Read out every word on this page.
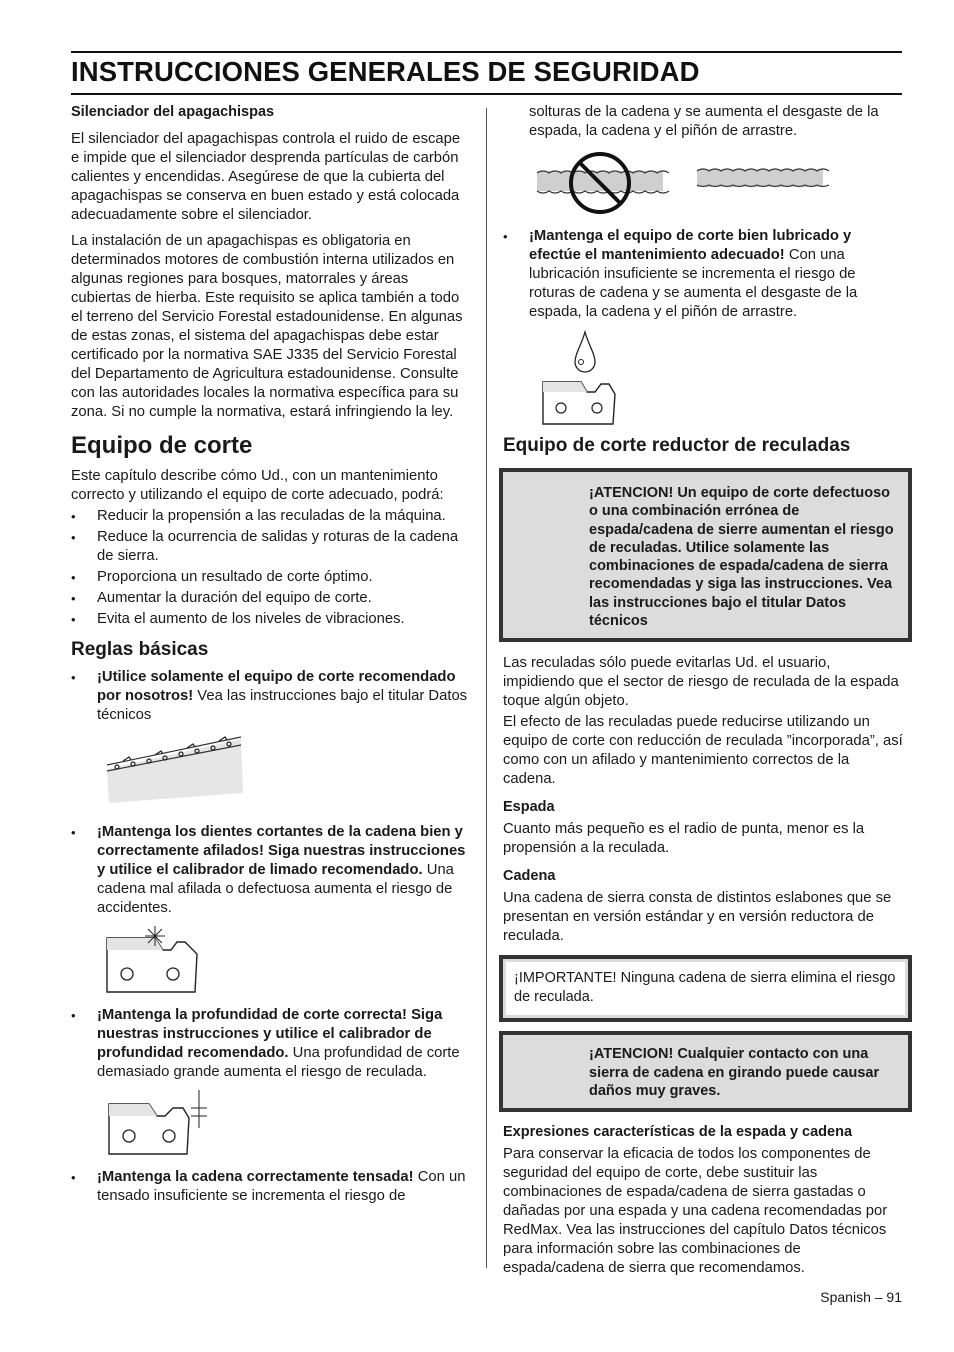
INSTRUCCIONES GENERALES DE SEGURIDAD

Silenciador del apagachispas

El silenciador del apagachispas controla el ruido de escape e impide que el silenciador desprenda partículas de carbón calientes y encendidas. Asegúrese de que la cubierta del apagachispas se conserva en buen estado y está colocada adecuadamente sobre el silenciador.

La instalación de un apagachispas es obligatoria en determinados motores de combustión interna utilizados en algunas regiones para bosques, matorrales y áreas cubiertas de hierba. Este requisito se aplica también a todo el terreno del Servicio Forestal estadounidense. En algunas de estas zonas, el sistema del apagachispas debe estar certificado por la normativa SAE J335 del Servicio Forestal del Departamento de Agricultura estadounidense. Consulte con las autoridades locales la normativa específica para su zona. Si no cumple la normativa, estará infringiendo la ley.

Equipo de corte

Este capítulo describe cómo Ud., con un mantenimiento correcto y utilizando el equipo de corte adecuado, podrá:

• Reducir la propensión a las reculadas de la máquina.
• Reduce la ocurrencia de salidas y roturas de la cadena de sierra.
• Proporciona un resultado de corte óptimo.
• Aumentar la duración del equipo de corte.
• Evita el aumento de los niveles de vibraciones.

Reglas básicas

• ¡Utilice solamente el equipo de corte recomendado por nosotros! Vea las instrucciones bajo el titular Datos técnicos
• ¡Mantenga los dientes cortantes de la cadena bien y correctamente afilados! Siga nuestras instrucciones y utilice el calibrador de limado recomendado. Una cadena mal afilada o defectuosa aumenta el riesgo de accidentes.
• ¡Mantenga la profundidad de corte correcta! Siga nuestras instrucciones y utilice el calibrador de profundidad recomendado. Una profundidad de corte demasiado grande aumenta el riesgo de reculada.
• ¡Mantenga la cadena correctamente tensada! Con un tensado insuficiente se incrementa el riesgo de

solturas de la cadena y se aumenta el desgaste de la espada, la cadena y el piñón de arrastre.

• ¡Mantenga el equipo de corte bien lubricado y efectúe el mantenimiento adecuado! Con una lubricación insuficiente se incrementa el riesgo de roturas de cadena y se aumenta el desgaste de la espada, la cadena y el piñón de arrastre.

Equipo de corte reductor de reculadas

¡ATENCION! Un equipo de corte defectuoso o una combinación errónea de espada/cadena de sierre aumentan el riesgo de reculadas. Utilice solamente las combinaciones de espada/cadena de sierra recomendadas y siga las instrucciones. Vea las instrucciones bajo el titular Datos técnicos

Las reculadas sólo puede evitarlas Ud. el usuario, impidiendo que el sector de riesgo de reculada de la espada toque algún objeto.

El efecto de las reculadas puede reducirse utilizando un equipo de corte con reducción de reculada ”incorporada”, así como con un afilado y mantenimiento correctos de la cadena.

Espada

Cuanto más pequeño es el radio de punta, menor es la propensión a la reculada.

Cadena

Una cadena de sierra consta de distintos eslabones que se presentan en versión estándar y en versión reductora de reculada.

¡IMPORTANTE! Ninguna cadena de sierra elimina el riesgo de reculada.

¡ATENCION! Cualquier contacto con una sierra de cadena en girando puede causar daños muy graves.

Expresiones características de la espada y cadena

Para conservar la eficacia de todos los componentes de seguridad del equipo de corte, debe sustituir las combinaciones de espada/cadena de sierra gastadas o dañadas por una espada y una cadena recomendadas por RedMax. Vea las instrucciones del capítulo Datos técnicos para información sobre las combinaciones de espada/cadena de sierra que recomendamos.

Spanish – 91
